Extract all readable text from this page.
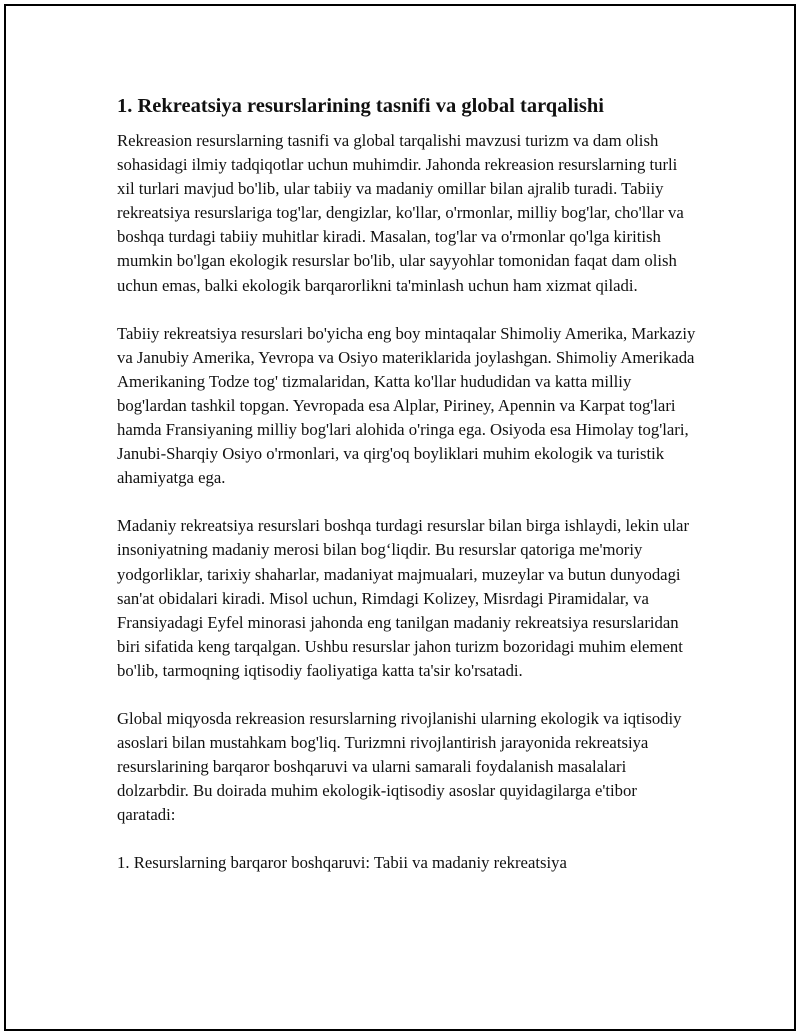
1. Rekreatsiya resurslarining tasnifi va global tarqalishi

Rekreasion resurslarning tasnifi va global tarqalishi mavzusi turizm va dam olish sohasidagi ilmiy tadqiqotlar uchun muhimdir. Jahonda rekreasion resurslarning turli xil turlari mavjud bo'lib, ular tabiiy va madaniy omillar bilan ajralib turadi. Tabiiy rekreatsiya resurslariga tog'lar, dengizlar, ko'llar, o'rmonlar, milliy bog'lar, cho'llar va boshqa turdagi tabiiy muhitlar kiradi. Masalan, tog'lar va o'rmonlar qo'lga kiritish mumkin bo'lgan ekologik resurslar bo'lib, ular sayyohlar tomonidan faqat dam olish uchun emas, balki ekologik barqarorlikni ta'minlash uchun ham xizmat qiladi.

Tabiiy rekreatsiya resurslari bo'yicha eng boy mintaqalar Shimoliy Amerika, Markaziy va Janubiy Amerika, Yevropa va Osiyo materiklarida joylashgan. Shimoliy Amerikada Amerikaning Todze tog' tizmalaridan, Katta ko'llar hududidan va katta milliy bog'lardan tashkil topgan. Yevropada esa Alplar, Piriney, Apennin va Karpat tog'lari hamda Fransiyaning milliy bog'lari alohida o'ringa ega. Osiyoda esa Himolay tog'lari, Janubi-Sharqiy Osiyo o'rmonlari, va qirg'oq boyliklari muhim ekologik va turistik ahamiyatga ega.

Madaniy rekreatsiya resurslari boshqa turdagi resurslar bilan birga ishlaydi, lekin ular insoniyatning madaniy merosi bilan bog‘liqdir. Bu resurslar qatoriga me'moriy yodgorliklar, tarixiy shaharlar, madaniyat majmualari, muzeylar va butun dunyodagi san'at obidalari kiradi. Misol uchun, Rimdagi Kolizey, Misrdagi Piramidalar, va Fransiyadagi Eyfel minorasi jahonda eng tanilgan madaniy rekreatsiya resurslaridan biri sifatida keng tarqalgan. Ushbu resurslar jahon turizm bozoridagi muhim element bo'lib, tarmoqning iqtisodiy faoliyatiga katta ta'sir ko'rsatadi.

Global miqyosda rekreasion resurslarning rivojlanishi ularning ekologik va iqtisodiy asoslari bilan mustahkam bog'liq. Turizmni rivojlantirish jarayonida rekreatsiya resurslarining barqaror boshqaruvi va ularni samarali foydalanish masalalari dolzarbdir. Bu doirada muhim ekologik-iqtisodiy asoslar quyidagilarga e'tibor qaratadi:

1. Resurslarning barqaror boshqaruvi: Tabii va madaniy rekreatsiya
